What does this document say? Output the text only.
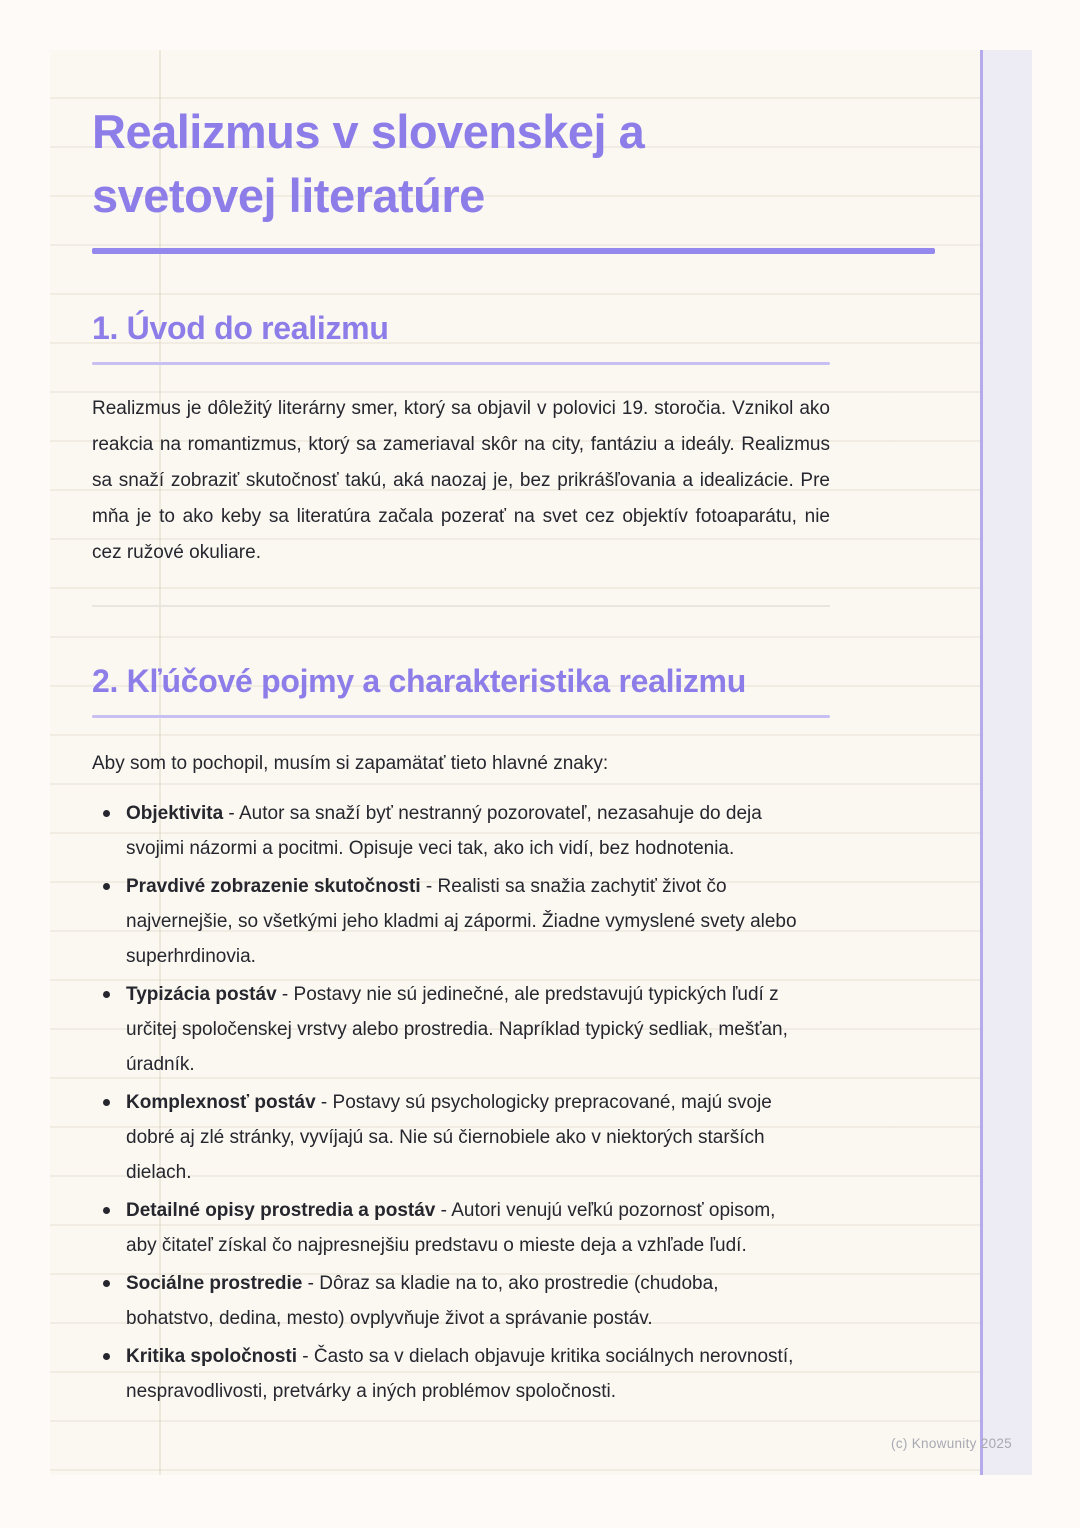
Realizmus v slovenskej a svetovej literatúre
1. Úvod do realizmu

Realizmus je dôležitý literárny smer, ktorý sa objavil v polovici 19. storočia. Vznikol ako reakcia na romantizmus, ktorý sa zameriaval skôr na city, fantáziu a ideály. Realizmus sa snaží zobraziť skutočnosť takú, aká naozaj je, bez prikrášľovania a idealizácie. Pre mňa je to ako keby sa literatúra začala pozerať na svet cez objektív fotoaparátu, nie cez ružové okuliare.

2. Kľúčové pojmy a charakteristika realizmu

Aby som to pochopil, musím si zapamätať tieto hlavné znaky:

Objektivita - Autor sa snaží byť nestranný pozorovateľ, nezasahuje do deja svojimi názormi a pocitmi. Opisuje veci tak, ako ich vidí, bez hodnotenia.
Pravdivé zobrazenie skutočnosti - Realisti sa snažia zachytiť život čo najvernejšie, so všetkými jeho kladmi aj zápormi. Žiadne vymyslené svety alebo superhrdinovia.
Typizácia postáv - Postavy nie sú jedinečné, ale predstavujú typických ľudí z určitej spoločenskej vrstvy alebo prostredia. Napríklad typický sedliak, mešťan, úradník.
Komplexnosť postáv - Postavy sú psychologicky prepracované, majú svoje dobré aj zlé stránky, vyvíjajú sa. Nie sú čiernobiele ako v niektorých starších dielach.
Detailné opisy prostredia a postáv - Autori venujú veľkú pozornosť opisom, aby čitateľ získal čo najpresnejšiu predstavu o mieste deja a vzhľade ľudí.
Sociálne prostredie - Dôraz sa kladie na to, ako prostredie (chudoba, bohatstvo, dedina, mesto) ovplyvňuje život a správanie postáv.
Kritika spoločnosti - Často sa v dielach objavuje kritika sociálnych nerovností, nespravodlivosti, pretvárky a iných problémov spoločnosti.
(c) Knowunity 2025
